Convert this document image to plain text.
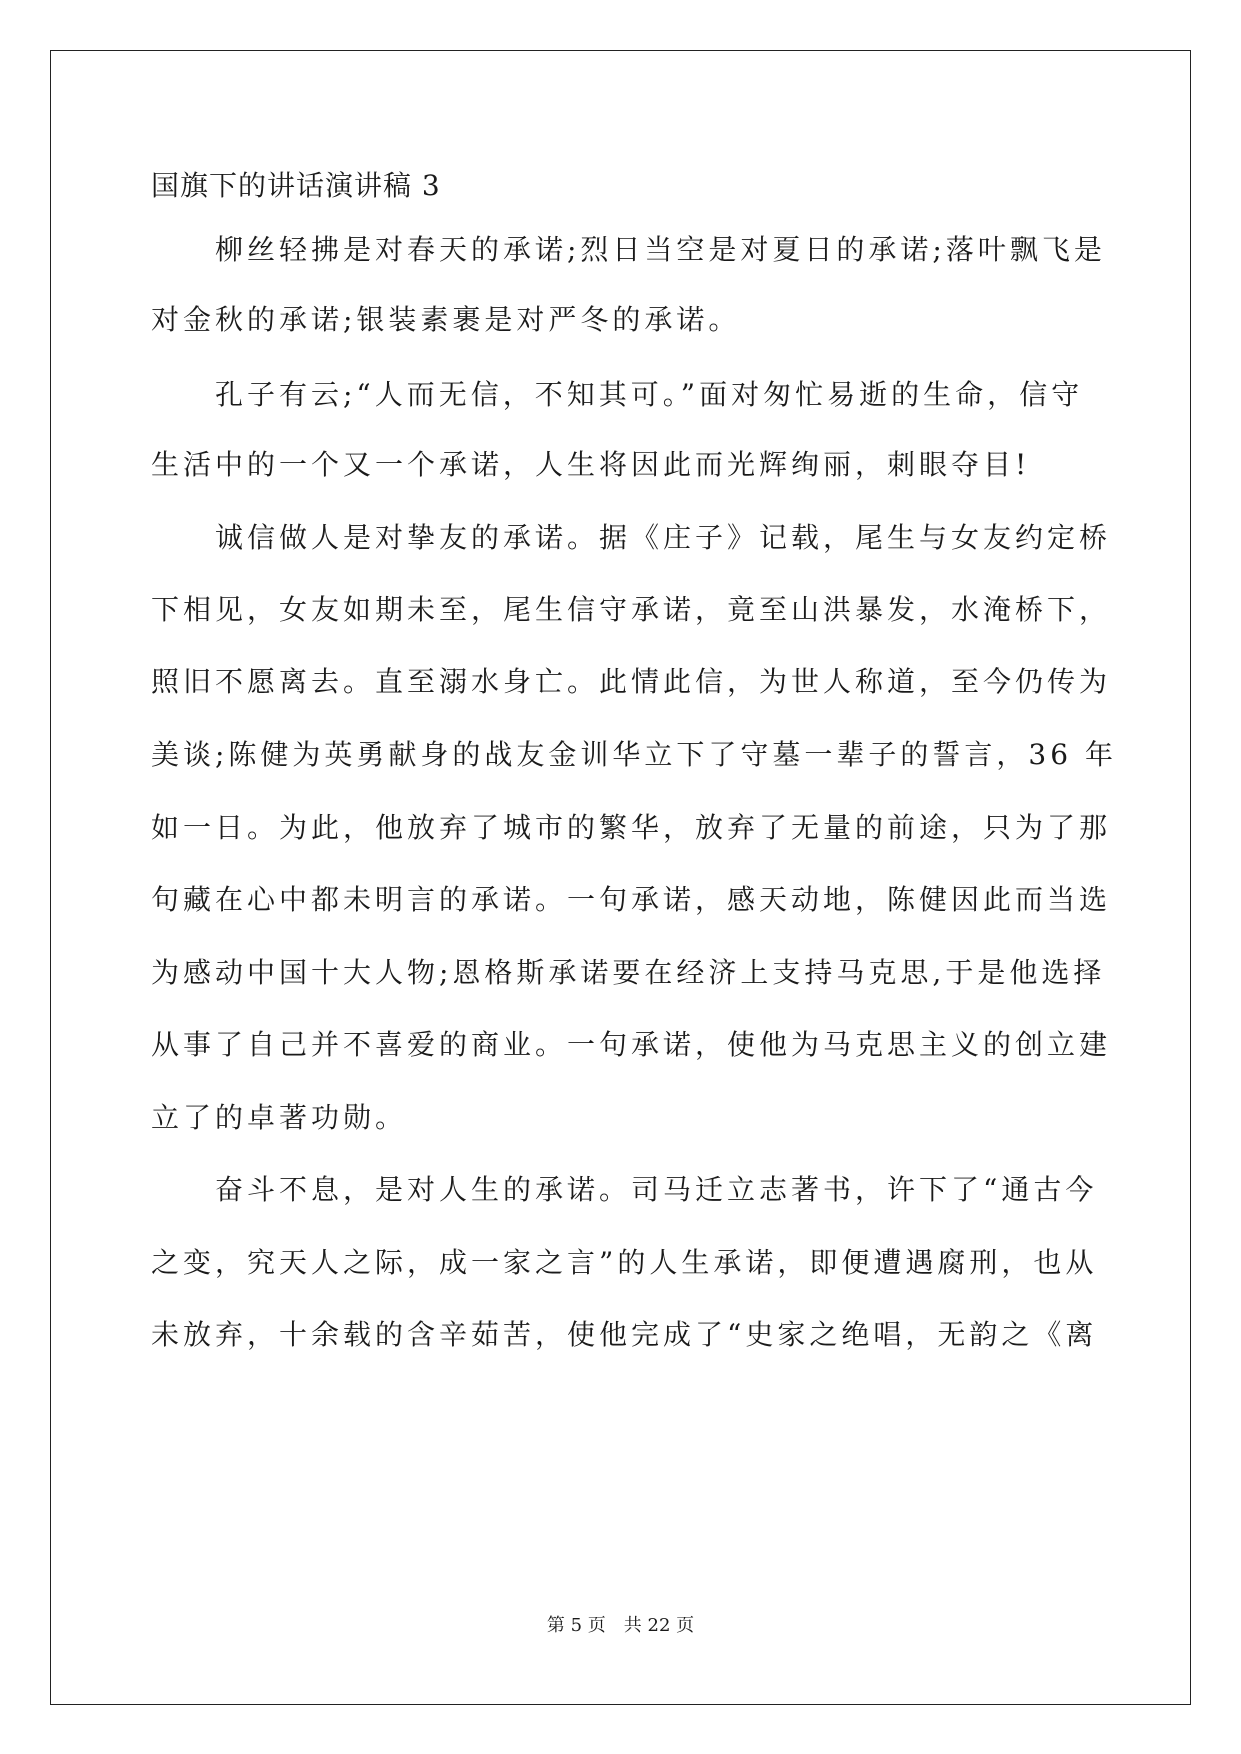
国旗下的讲话演讲稿 3
　　柳丝轻拂是对春天的承诺;烈日当空是对夏日的承诺;落叶飘飞是
对金秋的承诺;银装素裹是对严冬的承诺。
　　孔子有云;“人而无信，不知其可。”面对匆忙易逝的生命，信守
生活中的一个又一个承诺，人生将因此而光辉绚丽，刺眼夺目!
　　诚信做人是对挚友的承诺。据《庄子》记载，尾生与女友约定桥
下相见，女友如期未至，尾生信守承诺，竟至山洪暴发，水淹桥下，
照旧不愿离去。直至溺水身亡。此情此信，为世人称道，至今仍传为
美谈;陈健为英勇献身的战友金训华立下了守墓一辈子的誓言，36 年
如一日。为此，他放弃了城市的繁华，放弃了无量的前途，只为了那
句藏在心中都未明言的承诺。一句承诺，感天动地，陈健因此而当选
为感动中国十大人物;恩格斯承诺要在经济上支持马克思,于是他选择
从事了自己并不喜爱的商业。一句承诺，使他为马克思主义的创立建
立了的卓著功勋。
　　奋斗不息，是对人生的承诺。司马迁立志著书，许下了“通古今
之变，究天人之际，成一家之言”的人生承诺，即便遭遇腐刑，也从
未放弃，十余载的含辛茹苦，使他完成了“史家之绝唱，无韵之《离
第 5 页　共 22 页
